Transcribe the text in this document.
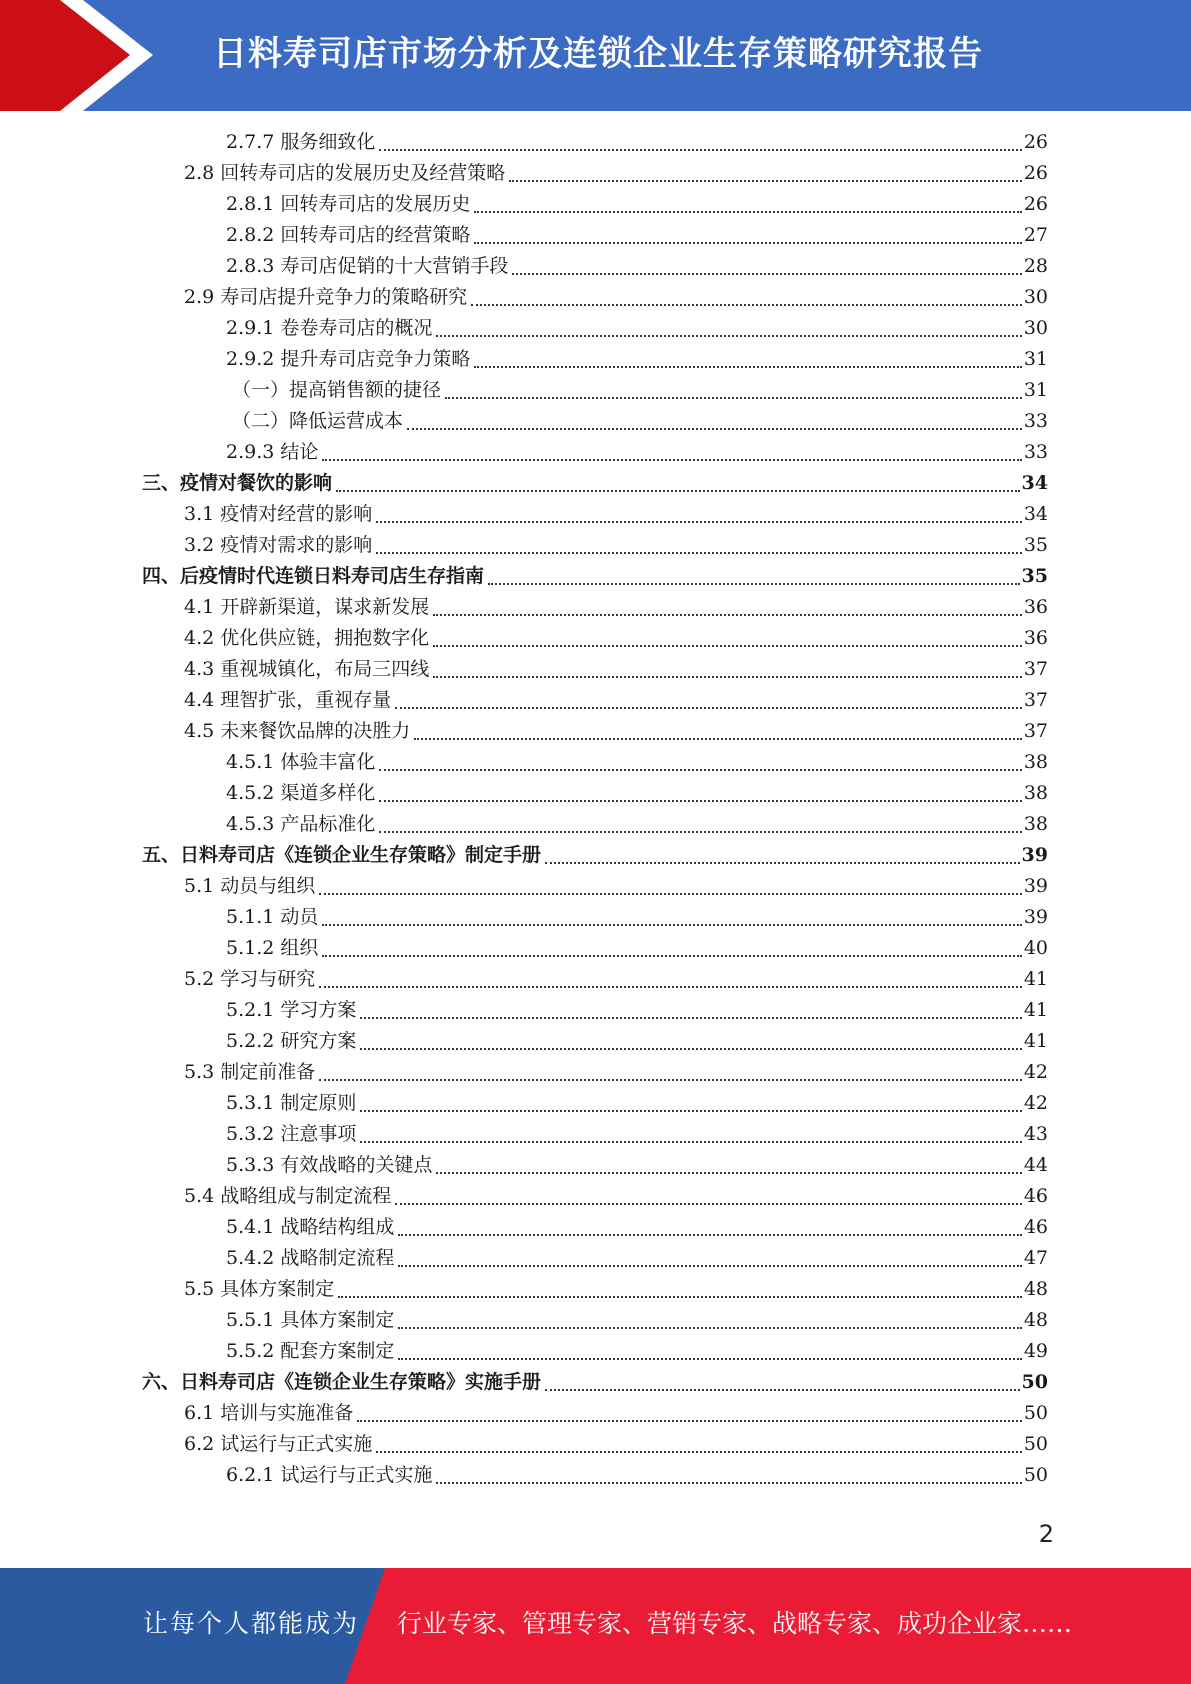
日料寿司店市场分析及连锁企业生存策略研究报告
2.7.7 服务细致化	26
2.8 回转寿司店的发展历史及经营策略	26
2.8.1 回转寿司店的发展历史	26
2.8.2 回转寿司店的经营策略	27
2.8.3 寿司店促销的十大营销手段	28
2.9 寿司店提升竞争力的策略研究	30
2.9.1 卷卷寿司店的概况	30
2.9.2 提升寿司店竞争力策略	31
（一）提高销售额的捷径	31
（二）降低运营成本	33
2.9.3 结论	33
三、疫情对餐饮的影响	34
3.1 疫情对经营的影响	34
3.2 疫情对需求的影响	35
四、后疫情时代连锁日料寿司店生存指南	35
4.1 开辟新渠道，谋求新发展	36
4.2 优化供应链，拥抱数字化	36
4.3 重视城镇化，布局三四线	37
4.4 理智扩张，重视存量	37
4.5 未来餐饮品牌的决胜力	37
4.5.1 体验丰富化	38
4.5.2 渠道多样化	38
4.5.3 产品标准化	38
五、日料寿司店《连锁企业生存策略》制定手册	39
5.1 动员与组织	39
5.1.1 动员	39
5.1.2 组织	40
5.2 学习与研究	41
5.2.1 学习方案	41
5.2.2 研究方案	41
5.3 制定前准备	42
5.3.1 制定原则	42
5.3.2 注意事项	43
5.3.3 有效战略的关键点	44
5.4 战略组成与制定流程	46
5.4.1 战略结构组成	46
5.4.2 战略制定流程	47
5.5 具体方案制定	48
5.5.1 具体方案制定	48
5.5.2 配套方案制定	49
六、日料寿司店《连锁企业生存策略》实施手册	50
6.1 培训与实施准备	50
6.2 试运行与正式实施	50
6.2.1 试运行与正式实施	50
2
让每个人都能成为 行业专家、管理专家、营销专家、战略专家、成功企业家……
